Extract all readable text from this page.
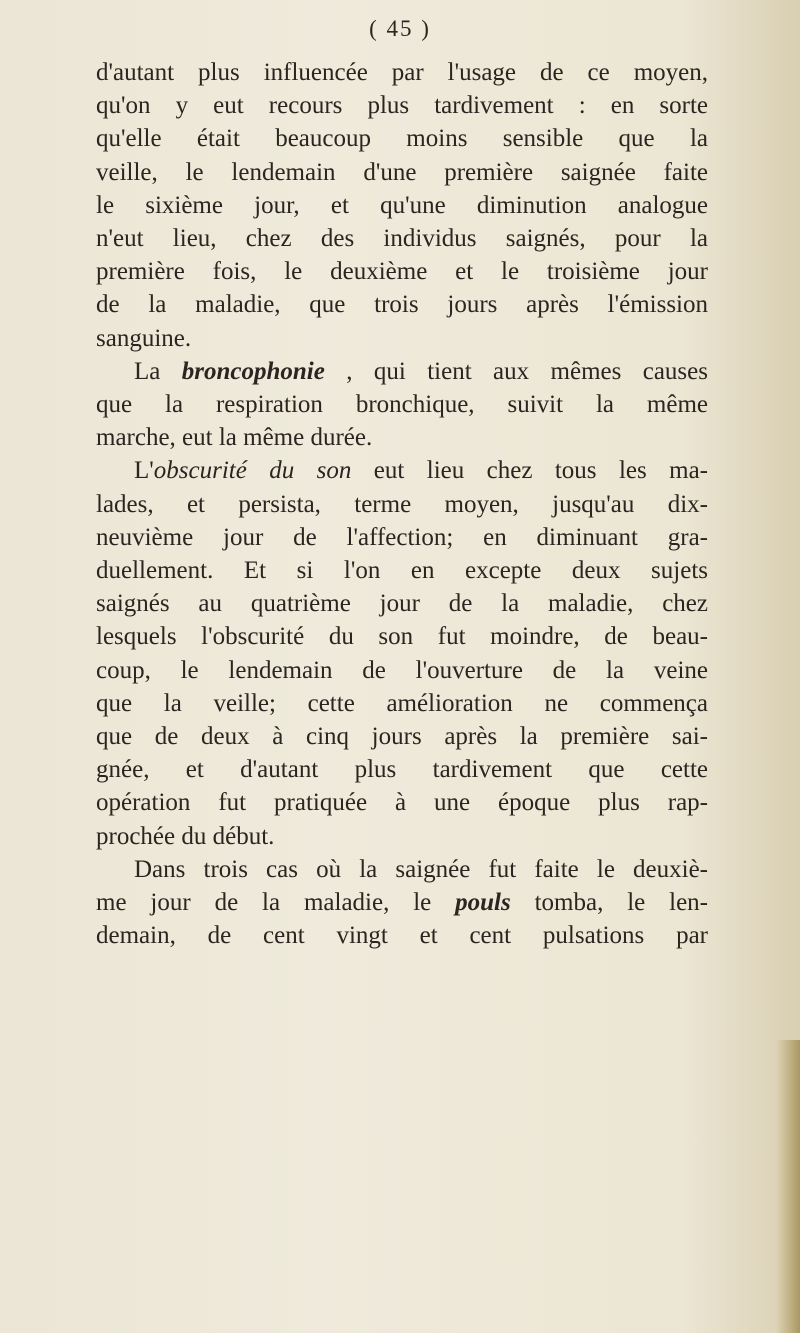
( 45 )
d'autant plus influencée par l'usage de ce moyen,
qu'on y eut recours plus tardivement : en sorte
qu'elle était beaucoup moins sensible que la
veille, le lendemain d'une première saignée faite
le sixième jour, et qu'une diminution analogue
n'eut lieu, chez des individus saignés, pour la
première fois, le deuxième et le troisième jour
de la maladie, que trois jours après l'émission
sanguine.
La broncophonie , qui tient aux mêmes causes
que la respiration bronchique, suivit la même
marche, eut la même durée.
L'obscurité du son eut lieu chez tous les ma-
lades, et persista, terme moyen, jusqu'au dix-
neuvième jour de l'affection; en diminuant gra-
duellement. Et si l'on en excepte deux sujets
saignés au quatrième jour de la maladie, chez
lesquels l'obscurité du son fut moindre, de beau-
coup, le lendemain de l'ouverture de la veine
que la veille; cette amélioration ne commença
que de deux à cinq jours après la première sai-
gnée, et d'autant plus tardivement que cette
opération fut pratiquée à une époque plus rap-
prochée du début.
Dans trois cas où la saignée fut faite le deuxiè-
me jour de la maladie, le pouls tomba, le len-
demain, de cent vingt et cent pulsations par
